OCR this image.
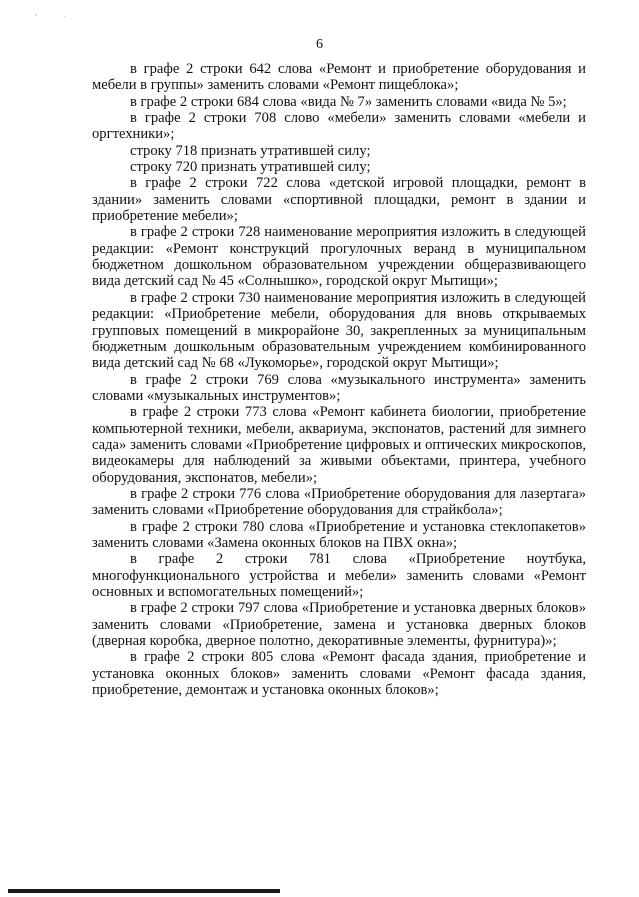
’	′
6

в графе 2 строки 642 слова «Ремонт и приобретение оборудования и мебели в группы» заменить словами «Ремонт пищеблока»;

в графе 2 строки 684 слова «вида № 7» заменить словами «вида № 5»;

в графе 2 строки 708 слово «мебели» заменить словами «мебели и оргтехники»;

строку 718 признать утратившей силу;

строку 720 признать утратившей силу;

в графе 2 строки 722 слова «детской игровой площадки, ремонт в здании» заменить словами «спортивной площадки, ремонт в здании и приобретение мебели»;

в графе 2 строки 728 наименование мероприятия изложить в следующей редакции: «Ремонт конструкций прогулочных веранд в муниципальном бюджетном дошкольном образовательном учреждении общеразвивающего вида детский сад № 45 «Солнышко», городской округ Мытищи»;

в графе 2 строки 730 наименование мероприятия изложить в следующей редакции: «Приобретение мебели, оборудования для вновь открываемых групповых помещений в микрорайоне 30, закрепленных за муниципальным бюджетным дошкольным образовательным учреждением комбинированного вида детский сад № 68 «Лукоморье», городской округ Мытищи»;

в графе 2 строки 769 слова «музыкального инструмента» заменить словами «музыкальных инструментов»;

в графе 2 строки 773 слова «Ремонт кабинета биологии, приобретение компьютерной техники, мебели, аквариума, экспонатов, растений для зимнего сада» заменить словами «Приобретение цифровых и оптических микроскопов, видеокамеры для наблюдений за живыми объектами, принтера, учебного оборудования, экспонатов, мебели»;

в графе 2 строки 776 слова «Приобретение оборудования для лазертага» заменить словами «Приобретение оборудования для страйкбола»;

в графе 2 строки 780 слова «Приобретение и установка стеклопакетов» заменить словами «Замена оконных блоков на ПВХ окна»;

в графе 2 строки 781 слова «Приобретение ноутбука, многофункционального устройства и мебели» заменить словами «Ремонт основных и вспомогательных помещений»;

в графе 2 строки 797 слова «Приобретение и установка дверных блоков» заменить словами «Приобретение, замена и установка дверных блоков (дверная коробка, дверное полотно, декоративные элементы, фурнитура)»;

в графе 2 строки 805 слова «Ремонт фасада здания, приобретение и установка оконных блоков» заменить словами «Ремонт фасада здания, приобретение, демонтаж и установка оконных блоков»;
